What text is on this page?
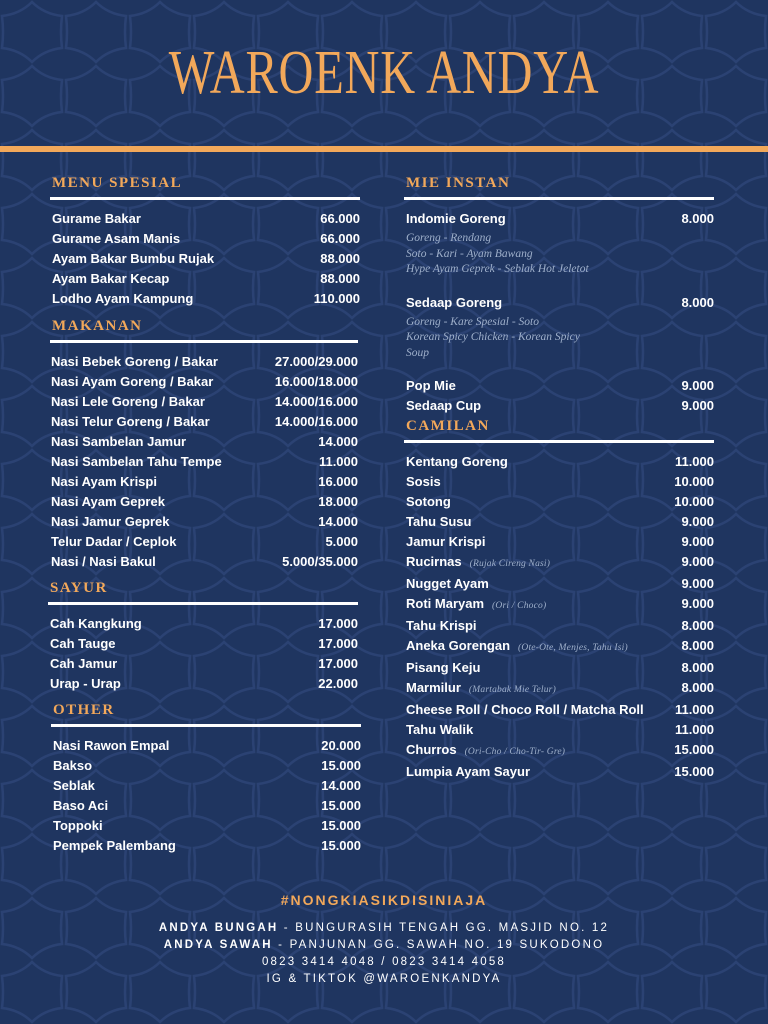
WAROENK ANDYA
MENU SPESIAL
Gurame Bakar	66.000
Gurame Asam Manis	66.000
Ayam Bakar Bumbu Rujak	88.000
Ayam Bakar Kecap	88.000
Lodho Ayam Kampung	110.000
MAKANAN
Nasi Bebek Goreng / Bakar	27.000/29.000
Nasi Ayam Goreng / Bakar	16.000/18.000
Nasi Lele Goreng / Bakar	14.000/16.000
Nasi Telur Goreng / Bakar	14.000/16.000
Nasi Sambelan Jamur	14.000
Nasi Sambelan Tahu Tempe	11.000
Nasi Ayam Krispi	16.000
Nasi Ayam Geprek	18.000
Nasi Jamur Geprek	14.000
Telur Dadar / Ceplok	5.000
Nasi / Nasi Bakul	5.000/35.000
SAYUR
Cah Kangkung	17.000
Cah Tauge	17.000
Cah Jamur	17.000
Urap - Urap	22.000
OTHER
Nasi Rawon Empal	20.000
Bakso	15.000
Seblak	14.000
Baso Aci	15.000
Toppoki	15.000
Pempek Palembang	15.000
MIE INSTAN
Indomie Goreng	8.000
Goreng - Rendang
Soto - Kari - Ayam Bawang
Hype Ayam Geprek - Seblak Hot Jeletot
Sedaap Goreng	8.000
Goreng - Kare Spesial - Soto
Korean Spicy Chicken - Korean Spicy
Soup
Pop Mie	9.000
Sedaap Cup	9.000
CAMILAN
Kentang Goreng	11.000
Sosis	10.000
Sotong	10.000
Tahu Susu	9.000
Jamur Krispi	9.000
Rucirnas (Rujak Cireng Nasi)	9.000
Nugget Ayam	9.000
Roti Maryam (Ori / Choco)	9.000
Tahu Krispi	8.000
Aneka Gorengan (Ote-Ote, Menjes, Tahu Isi)	8.000
Pisang Keju	8.000
Marmilur (Martabak Mie Telur)	8.000
Cheese Roll / Choco Roll / Matcha Roll 11.000
Tahu Walik	11.000
Churros (Ori-Cho / Cho-Tir- Gre)	15.000
Lumpia Ayam Sayur	15.000
#NONGKIASIKDISINIAJA
ANDYA BUNGAH - BUNGURASIH TENGAH GG. MASJID NO. 12
ANDYA SAWAH - PANJUNAN GG. SAWAH NO. 19 SUKODONO
0823 3414 4048 / 0823 3414 4058
IG & TIKTOK @WAROENKANDYA
